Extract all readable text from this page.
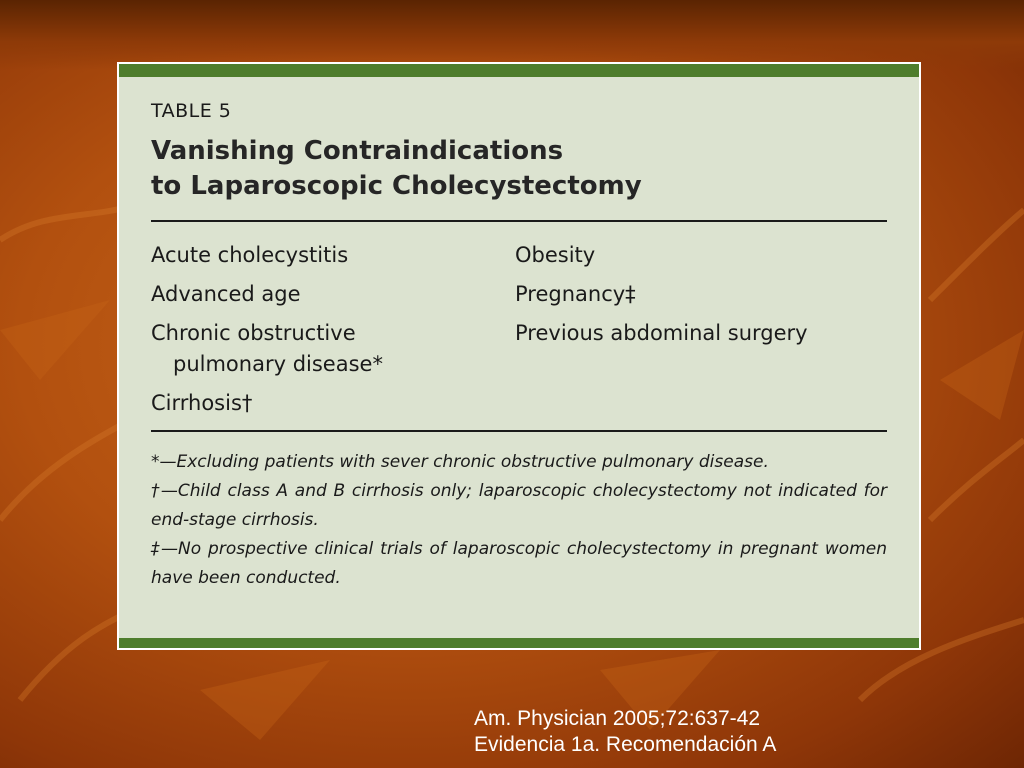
TABLE 5
Vanishing Contraindications
to Laparoscopic Cholecystectomy
Acute cholecystitis
Advanced age
Chronic obstructive
pulmonary disease*
Cirrhosis†
Obesity
Pregnancy‡
Previous abdominal surgery
*—Excluding patients with sever chronic obstructive pulmonary disease.
†—Child class A and B cirrhosis only; laparoscopic cholecystectomy not indicated for end-stage cirrhosis.
‡—No prospective clinical trials of laparoscopic cholecystectomy in pregnant women have been conducted.
Am. Physician 2005;72:637-42
Evidencia 1a. Recomendación A
